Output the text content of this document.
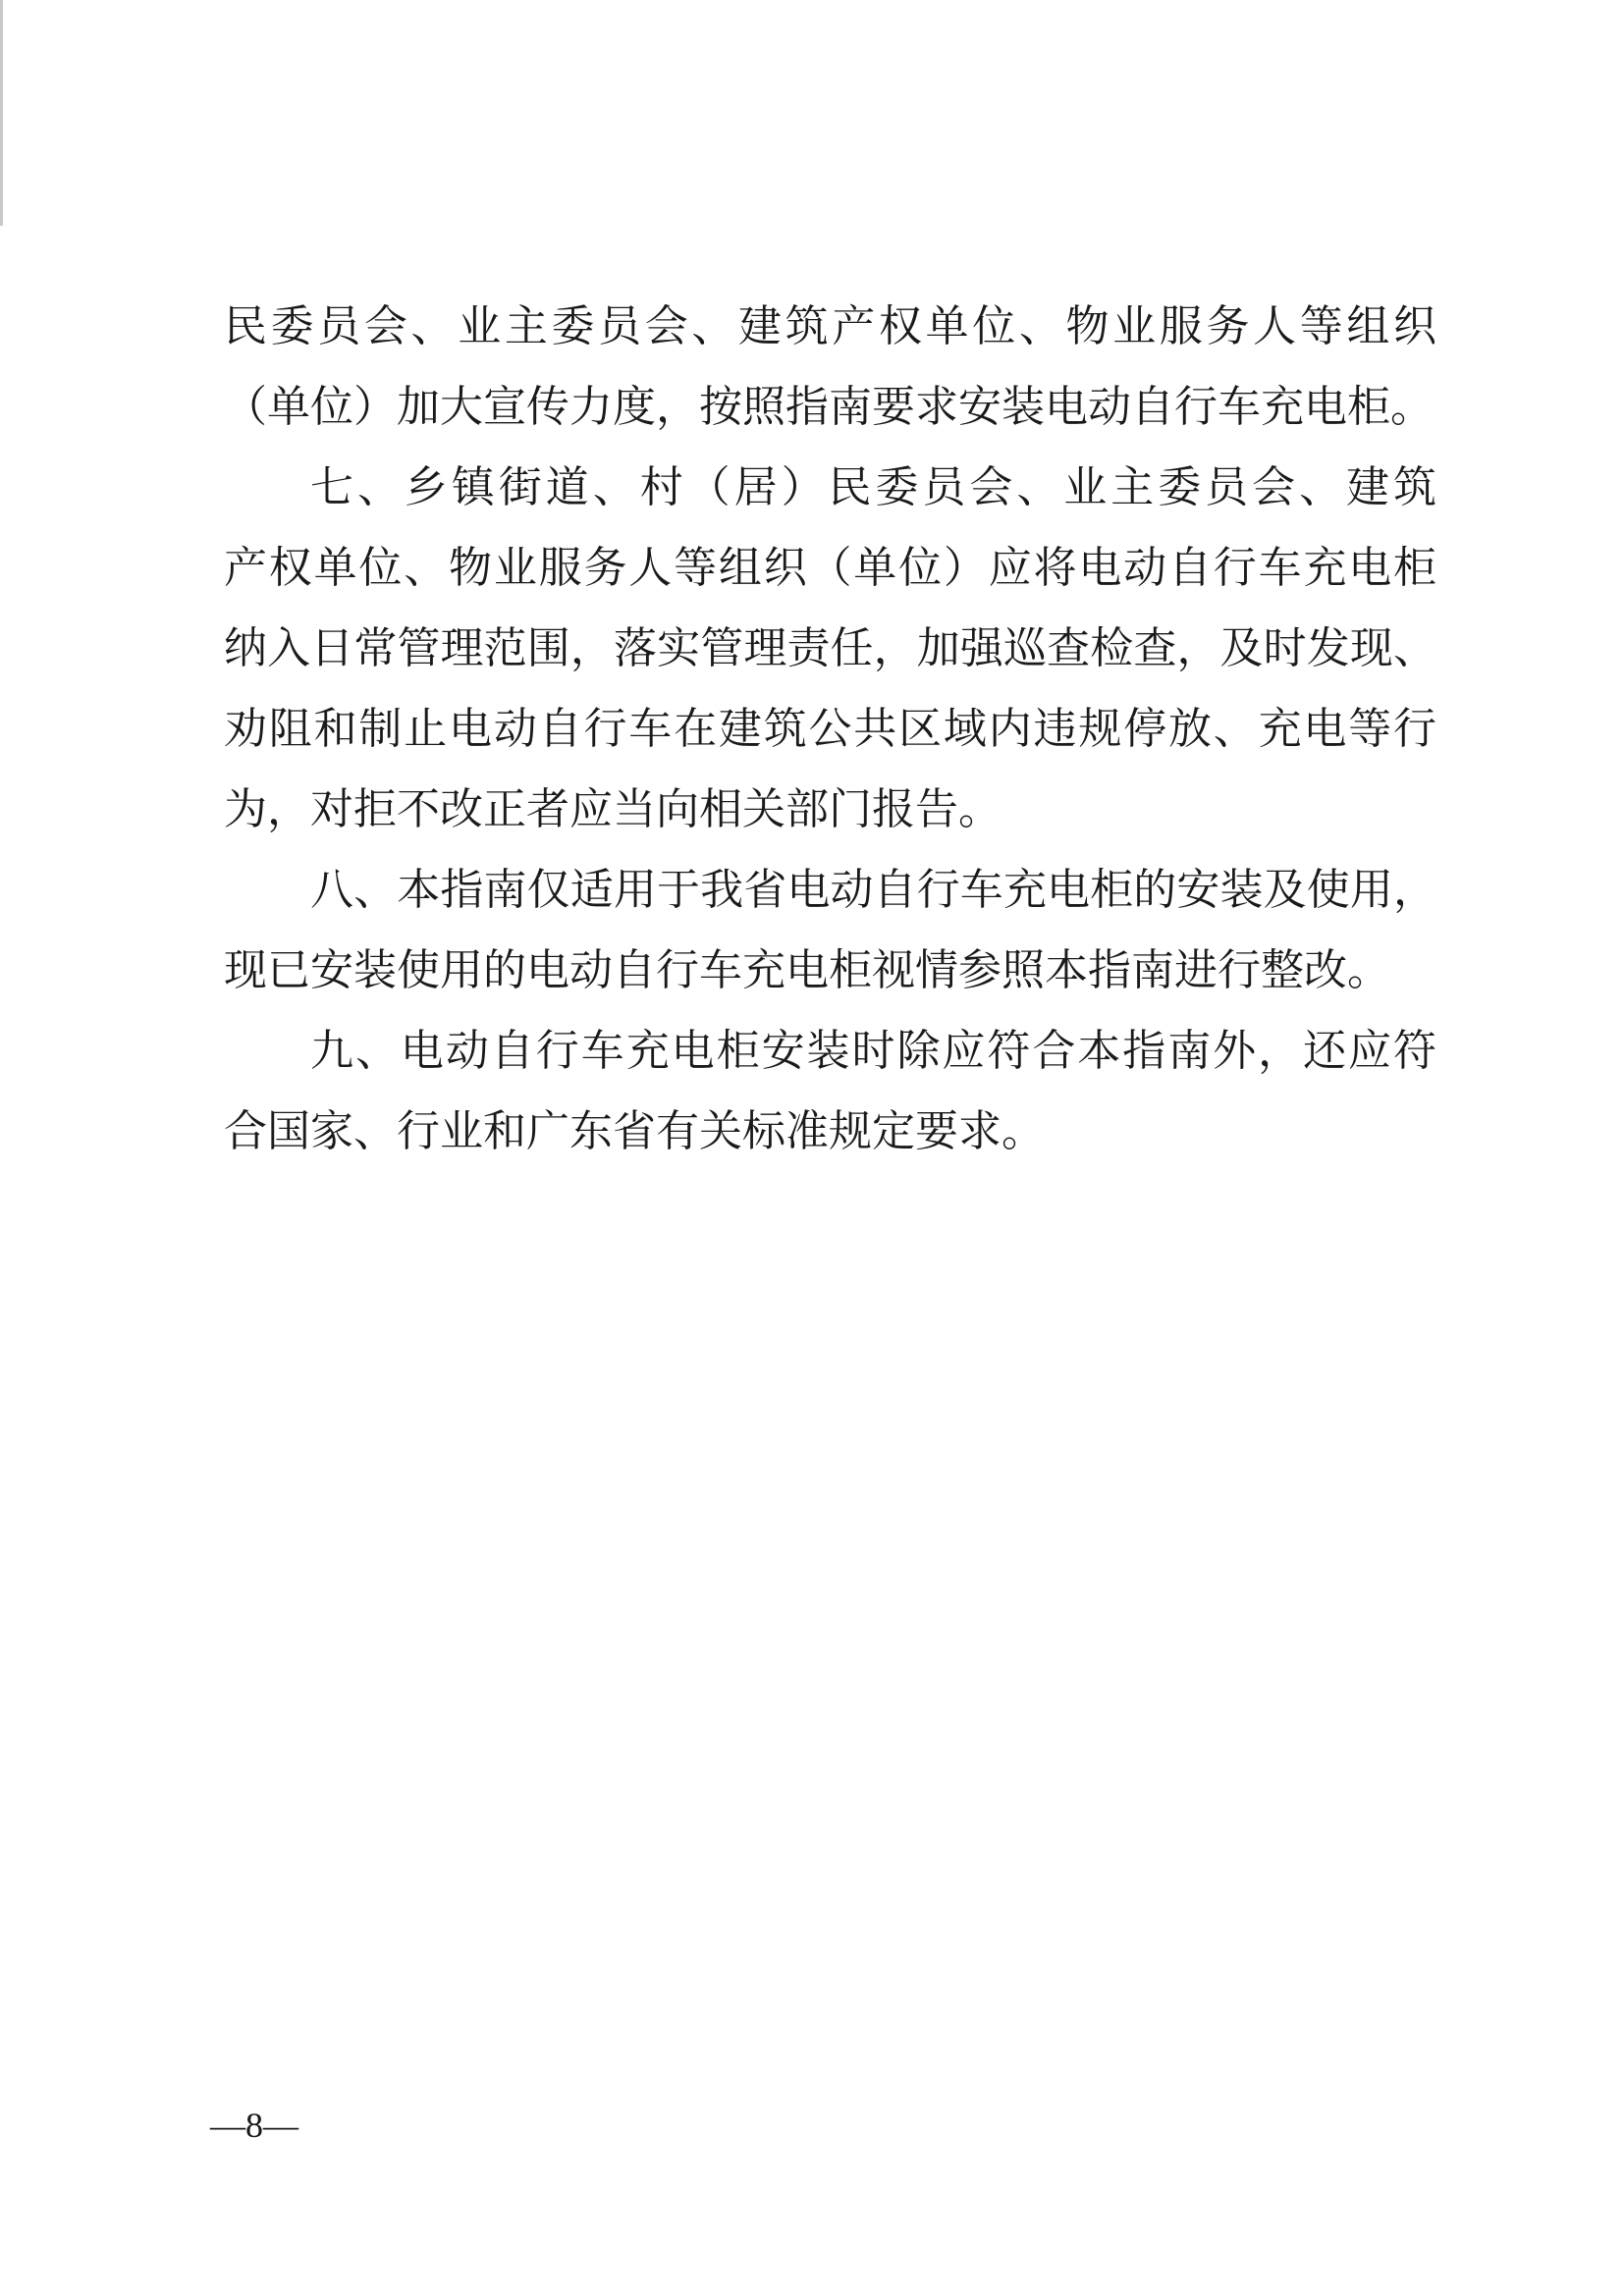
民委员会、业主委员会、建筑产权单位、物业服务人等组织
（单位）加大宣传力度，按照指南要求安装电动自行车充电柜。

七、乡镇街道、村（居）民委员会、业主委员会、建筑
产权单位、物业服务人等组织（单位）应将电动自行车充电柜
纳入日常管理范围，落实管理责任，加强巡查检查，及时发现、
劝阻和制止电动自行车在建筑公共区域内违规停放、充电等行
为，对拒不改正者应当向相关部门报告。

八、本指南仅适用于我省电动自行车充电柜的安装及使用，
现已安装使用的电动自行车充电柜视情参照本指南进行整改。

九、电动自行车充电柜安装时除应符合本指南外，还应符
合国家、行业和广东省有关标准规定要求。

—8—
